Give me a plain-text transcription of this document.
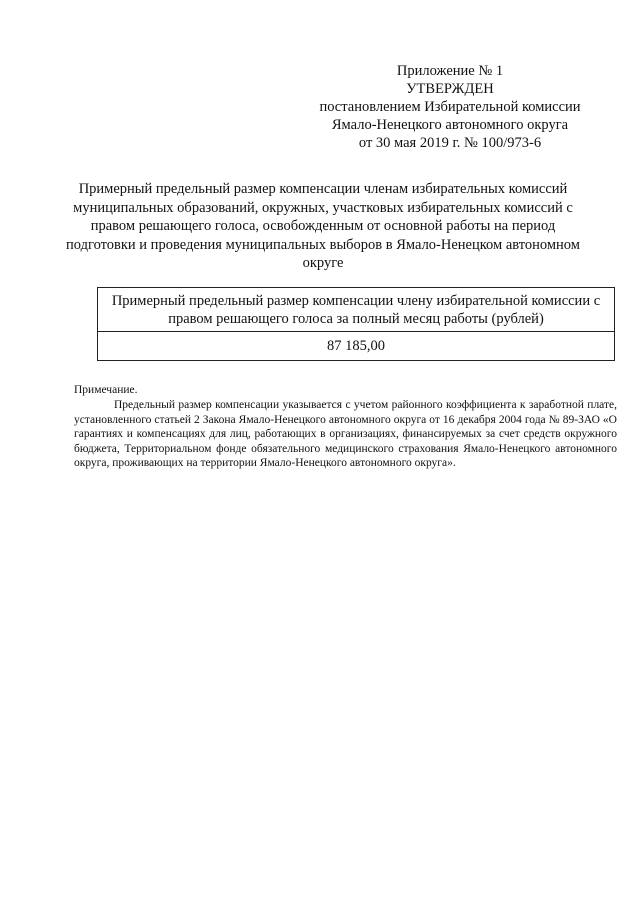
Приложение № 1
УТВЕРЖДЕН
постановлением Избирательной комиссии
Ямало-Ненецкого автономного округа
от 30 мая 2019 г. № 100/973-6
Примерный предельный размер компенсации членам избирательных комиссий муниципальных образований, окружных, участковых избирательных комиссий с правом решающего голоса, освобожденным от основной работы на период подготовки и проведения муниципальных выборов в Ямало-Ненецком автономном округе
Примерный предельный размер компенсации члену избирательной комиссии с правом решающего голоса за полный месяц работы (рублей)
87 185,00
Примечание.
Предельный размер компенсации указывается с учетом районного коэффициента к заработной плате, установленного статьей 2 Закона Ямало-Ненецкого автономного округа от 16 декабря 2004 года № 89-ЗАО «О гарантиях и компенсациях для лиц, работающих в организациях, финансируемых за счет средств окружного бюджета, Территориальном фонде обязательного медицинского страхования Ямало-Ненецкого автономного округа, проживающих на территории Ямало-Ненецкого автономного округа».
